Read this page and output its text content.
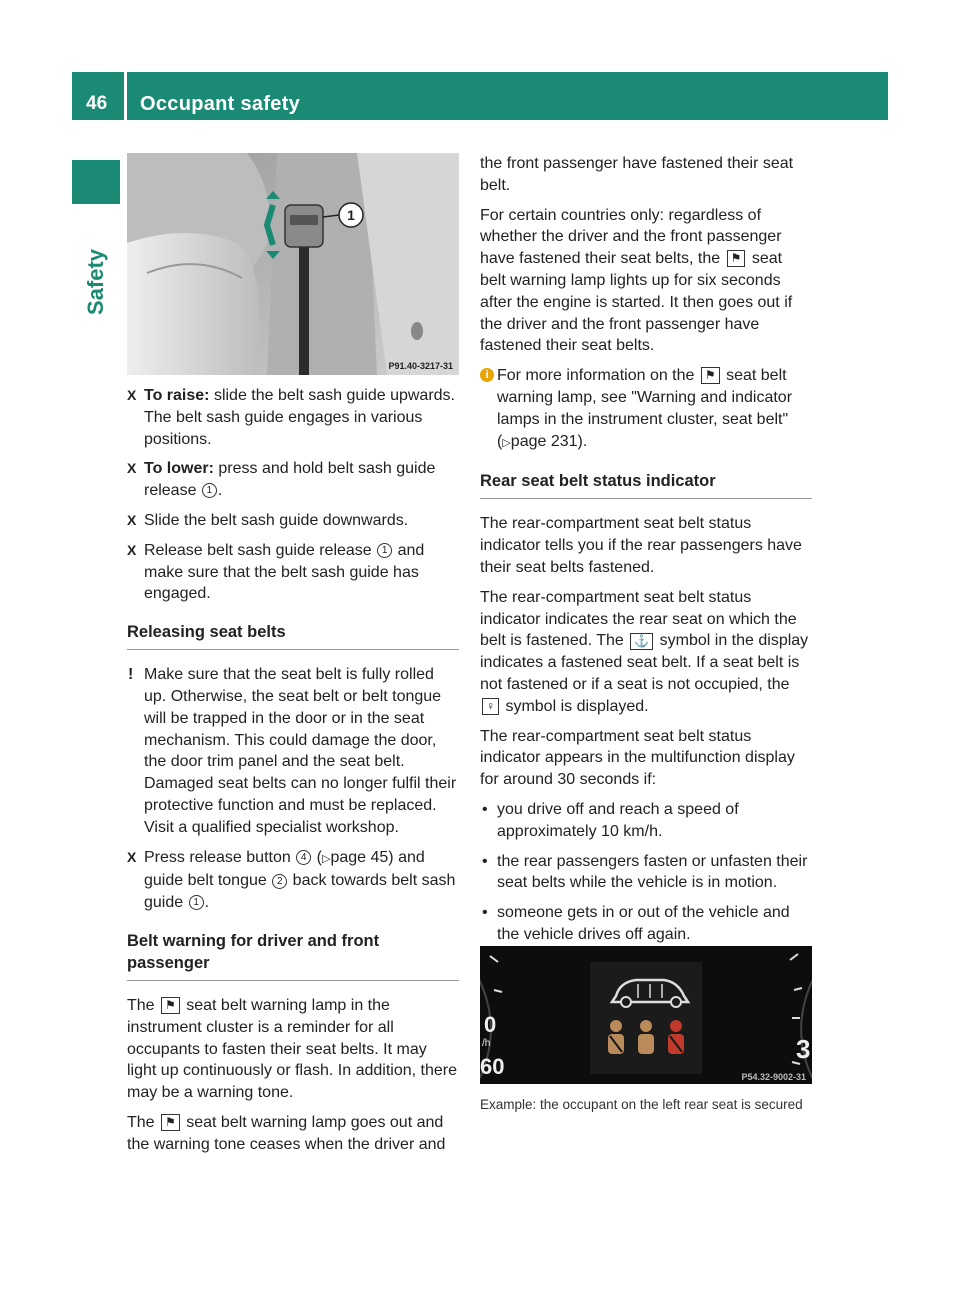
46	Occupant safety
Safety
1
P91.40-3217-31
X To raise: slide the belt sash guide upwards. The belt sash guide engages in various positions.
X To lower: press and hold belt sash guide release 1 .
X Slide the belt sash guide downwards.
X Release belt sash guide release 1 and make sure that the belt sash guide has engaged.
Releasing seat belts
! Make sure that the seat belt is fully rolled up. Otherwise, the seat belt or belt tongue will be trapped in the door or in the seat mechanism. This could damage the door, the door trim panel and the seat belt. Damaged seat belts can no longer fulfil their protective function and must be replaced. Visit a qualified specialist workshop.
X Press release button 4 (▷page 45) and guide belt tongue 2 back towards belt sash guide 1 .
Belt warning for driver and front passenger

The ⚑ seat belt warning lamp in the instrument cluster is a reminder for all occupants to fasten their seat belts. It may light up continuously or flash. In addition, there may be a warning tone.

The ⚑ seat belt warning lamp goes out and the warning tone ceases when the driver and

the front passenger have fastened their seat belt.

For certain countries only: regardless of whether the driver and the front passenger have fastened their seat belts, the ⚑ seat belt warning lamp lights up for six seconds after the engine is started. It then goes out if the driver and the front passenger have fastened their seat belts.

i For more information on the ⚑ seat belt warning lamp, see "Warning and indicator lamps in the instrument cluster, seat belt" (▷page 231).
Rear seat belt status indicator

The rear-compartment seat belt status indicator tells you if the rear passengers have their seat belts fastened.

The rear-compartment seat belt status indicator indicates the rear seat on which the belt is fastened. The ⚓ symbol in the display indicates a fastened seat belt. If a seat belt is not fastened or if a seat is not occupied, the ♀ symbol is displayed.

The rear-compartment seat belt status indicator appears in the multifunction display for around 30 seconds if:

• you drive off and reach a speed of approximately 10 km/h.
• the rear passengers fasten or unfasten their seat belts while the vehicle is in motion.
• someone gets in or out of the vehicle and the vehicle drives off again.
0
/h
60
3
P54.32-9002-31
Example: the occupant on the left rear seat is secured
